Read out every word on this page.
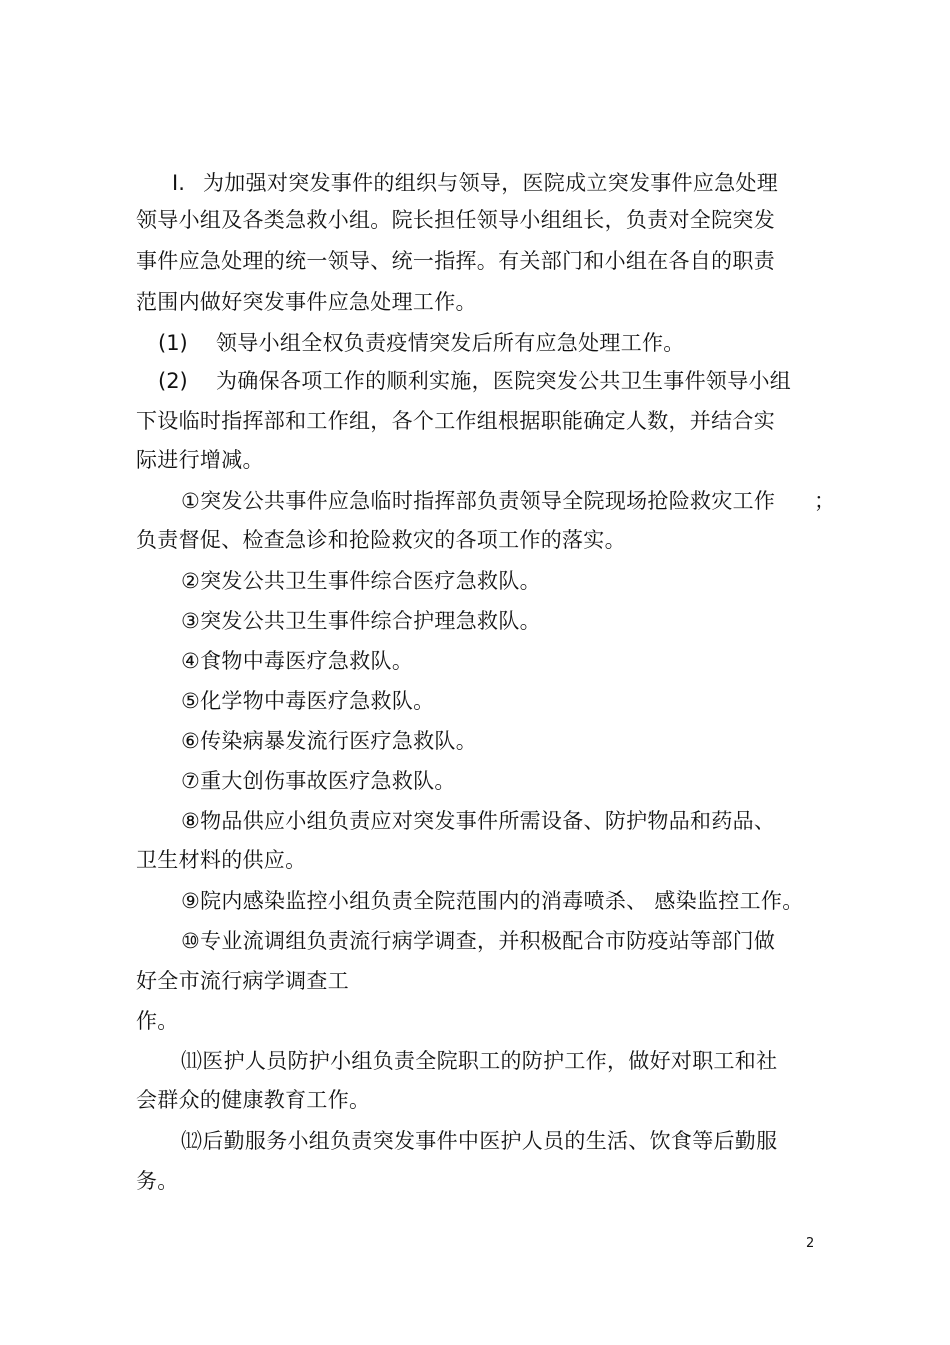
I. 为加强对突发事件的组织与领导，医院成立突发事件应急处理
领导小组及各类急救小组。院长担任领导小组组长，负责对全院突发
事件应急处理的统一领导、统一指挥。有关部门和小组在各自的职责
范围内做好突发事件应急处理工作。
(1) 领导小组全权负责疫情突发后所有应急处理工作。
(2) 为确保各项工作的顺利实施，医院突发公共卫生事件领导小组
下设临时指挥部和工作组，各个工作组根据职能确定人数，并结合实
际进行增减。
①突发公共事件应急临时指挥部负责领导全院现场抢险救灾工作 ；
负责督促、检查急诊和抢险救灾的各项工作的落实。
②突发公共卫生事件综合医疗急救队。
③突发公共卫生事件综合护理急救队。
④食物中毒医疗急救队。
⑤化学物中毒医疗急救队。
⑥传染病暴发流行医疗急救队。
⑦重大创伤事故医疗急救队。
⑧物品供应小组负责应对突发事件所需设备、防护物品和药品、
卫生材料的供应。
⑨院内感染监控小组负责全院范围内的消毒喷杀、 感染监控工作。
⑩专业流调组负责流行病学调查，并积极配合市防疫站等部门做
好全市流行病学调查工
作。
⑾医护人员防护小组负责全院职工的防护工作，做好对职工和社
会群众的健康教育工作。
⑿后勤服务小组负责突发事件中医护人员的生活、饮食等后勤服
务。
2
